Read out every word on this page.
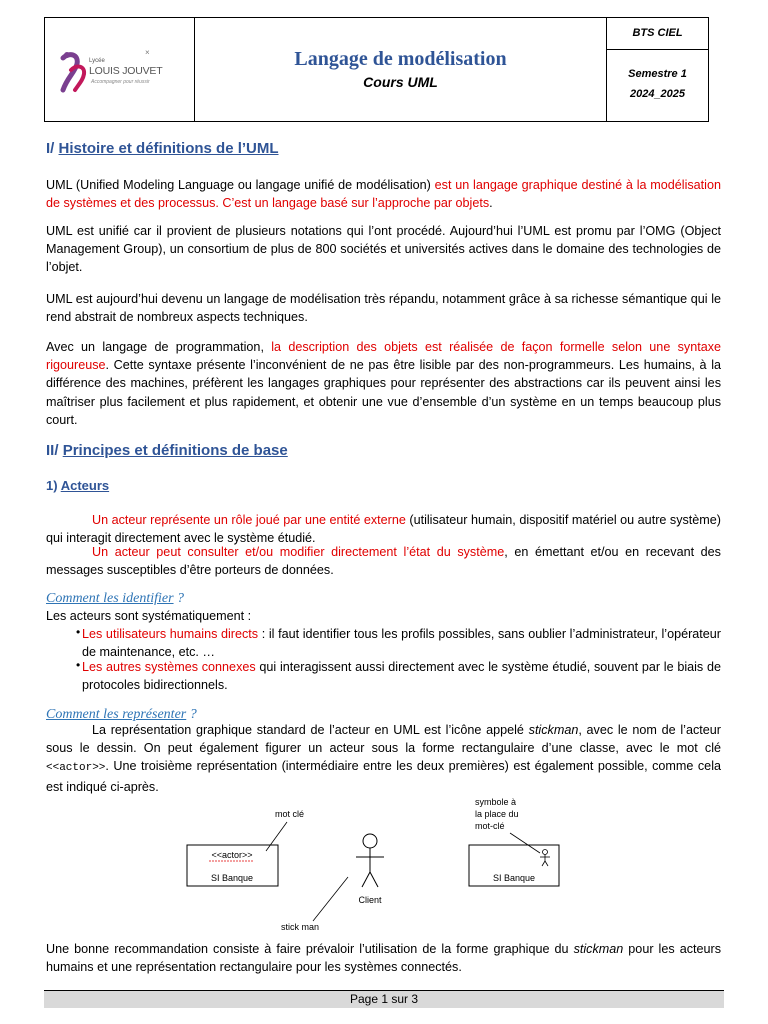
Lycée
LOUIS JOUVET
Accompagner pour réussir
×	Langage de modélisation
Cours UML
BTS CIEL
Semestre 1
2024_2025
I/ Histoire et définitions de l’UML
UML (Unified Modeling Language ou langage unifié de modélisation) est un langage graphique destiné à la modélisation de systèmes et des processus. C’est un langage basé sur l’approche par objets.
UML est unifié car il provient de plusieurs notations qui l’ont procédé. Aujourd’hui l’UML est promu par l’OMG (Object Management Group), un consortium de plus de 800 sociétés et universités actives dans le domaine des technologies de l’objet.
UML est aujourd’hui devenu un langage de modélisation très répandu, notamment grâce à sa richesse sémantique qui le rend abstrait de nombreux aspects techniques.
Avec un langage de programmation, la description des objets est réalisée de façon formelle selon une syntaxe rigoureuse. Cette syntaxe présente l’inconvénient de ne pas être lisible par des non-programmeurs. Les humains, à la différence des machines, préfèrent les langages graphiques pour représenter des abstractions car ils peuvent ainsi les maîtriser plus facilement et plus rapidement, et obtenir une vue d’ensemble d’un système en un temps beaucoup plus court.
II/ Principes et définitions de base
1) Acteurs
Un acteur représente un rôle joué par une entité externe (utilisateur humain, dispositif matériel ou autre système) qui interagit directement avec le système étudié.
Un acteur peut consulter et/ou modifier directement l’état du système, en émettant et/ou en recevant des messages susceptibles d’être porteurs de données.
Comment les identifier ?
Les acteurs sont systématiquement :
• Les utilisateurs humains directs : il faut identifier tous les profils possibles, sans oublier l’administrateur, l’opérateur de maintenance, etc. …
• Les autres systèmes connexes qui interagissent aussi directement avec le système étudié, souvent par le biais de protocoles bidirectionnels.
Comment les représenter ?
La représentation graphique standard de l’acteur en UML est l’icône appelé stickman, avec le nom de l’acteur sous le dessin. On peut également figurer un acteur sous la forme rectangulaire d’une classe, avec le mot clé <<actor>>. Une troisième représentation (intermédiaire entre les deux premières) est également possible, comme cela est indiqué ci-après.
<<actor>>
SI Banque
mot clé
Client
stick man
SI Banque
symbole à
la place du
mot-clé
Une bonne recommandation consiste à faire prévaloir l’utilisation de la forme graphique du stickman pour les acteurs humains et une représentation rectangulaire pour les systèmes connectés.
Page 1 sur 3
